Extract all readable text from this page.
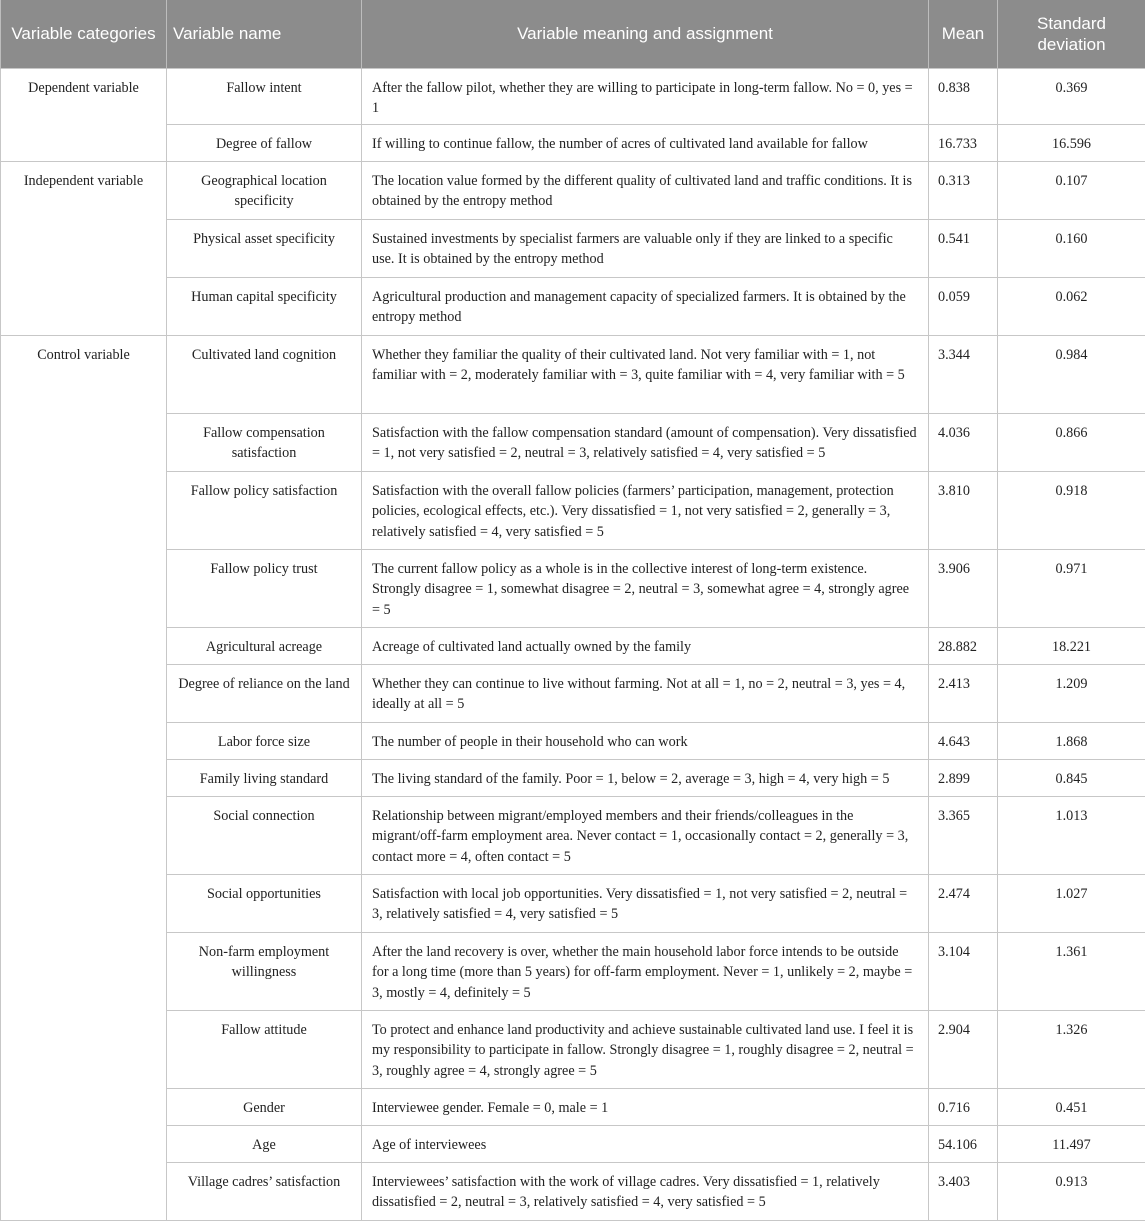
Variable categories	Variable name	Variable meaning and assignment	Mean	Standard deviation
Dependent variable	Fallow intent	After the fallow pilot, whether they are willing to participate in long-term fallow. No = 0, yes = 1	0.838	0.369
	Degree of fallow	If willing to continue fallow, the number of acres of cultivated land available for fallow	16.733	16.596
Independent variable	Geographical location specificity	The location value formed by the different quality of cultivated land and traffic conditions. It is obtained by the entropy method	0.313	0.107
	Physical asset specificity	Sustained investments by specialist farmers are valuable only if they are linked to a specific use. It is obtained by the entropy method	0.541	0.160
	Human capital specificity	Agricultural production and management capacity of specialized farmers. It is obtained by the entropy method	0.059	0.062
Control variable	Cultivated land cognition	Whether they familiar the quality of their cultivated land. Not very familiar with = 1, not familiar with = 2, moderately familiar with = 3, quite familiar with = 4, very familiar with = 5	3.344	0.984
	Fallow compensation satisfaction	Satisfaction with the fallow compensation standard (amount of compensation). Very dissatisfied = 1, not very satisfied = 2, neutral = 3, relatively satisfied = 4, very satisfied = 5	4.036	0.866
	Fallow policy satisfaction	Satisfaction with the overall fallow policies (farmers’ participation, management, protection policies, ecological effects, etc.). Very dissatisfied = 1, not very satisfied = 2, generally = 3, relatively satisfied = 4, very satisfied = 5	3.810	0.918
	Fallow policy trust	The current fallow policy as a whole is in the collective interest of long-term existence. Strongly disagree = 1, somewhat disagree = 2, neutral = 3, somewhat agree = 4, strongly agree = 5	3.906	0.971
	Agricultural acreage	Acreage of cultivated land actually owned by the family	28.882	18.221
	Degree of reliance on the land	Whether they can continue to live without farming. Not at all = 1, no = 2, neutral = 3, yes = 4, ideally at all = 5	2.413	1.209
	Labor force size	The number of people in their household who can work	4.643	1.868
	Family living standard	The living standard of the family. Poor = 1, below = 2, average = 3, high = 4, very high = 5	2.899	0.845
	Social connection	Relationship between migrant/employed members and their friends/colleagues in the migrant/off-farm employment area. Never contact = 1, occasionally contact = 2, generally = 3, contact more = 4, often contact = 5	3.365	1.013
	Social opportunities	Satisfaction with local job opportunities. Very dissatisfied = 1, not very satisfied = 2, neutral = 3, relatively satisfied = 4, very satisfied = 5	2.474	1.027
	Non-farm employment willingness	After the land recovery is over, whether the main household labor force intends to be outside for a long time (more than 5 years) for off-farm employment. Never = 1, unlikely = 2, maybe = 3, mostly = 4, definitely = 5	3.104	1.361
	Fallow attitude	To protect and enhance land productivity and achieve sustainable cultivated land use. I feel it is my responsibility to participate in fallow. Strongly disagree = 1, roughly disagree = 2, neutral = 3, roughly agree = 4, strongly agree = 5	2.904	1.326
	Gender	Interviewee gender. Female = 0, male = 1	0.716	0.451
	Age	Age of interviewees	54.106	11.497
	Village cadres’ satisfaction	Interviewees’ satisfaction with the work of village cadres. Very dissatisfied = 1, relatively dissatisfied = 2, neutral = 3, relatively satisfied = 4, very satisfied = 5	3.403	0.913
